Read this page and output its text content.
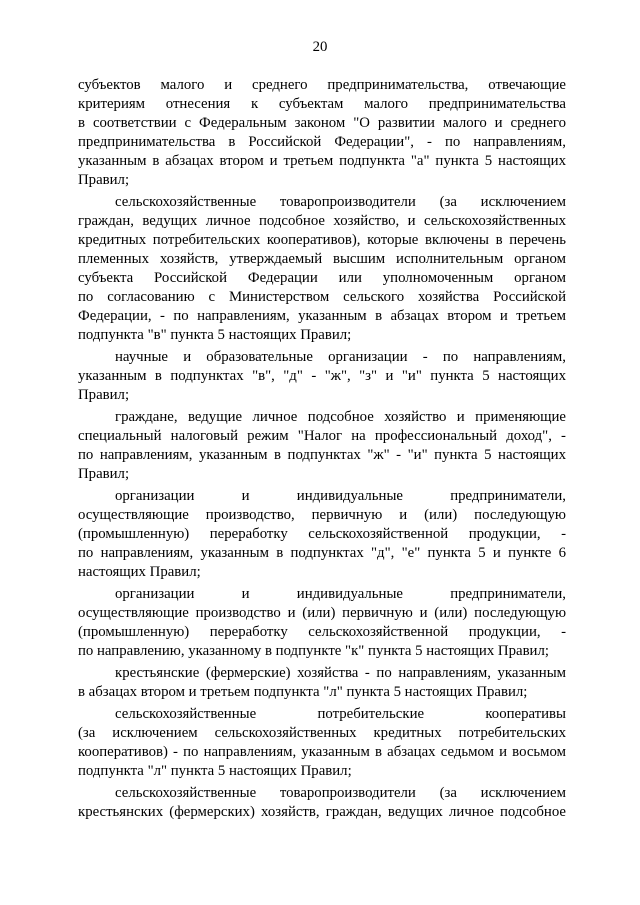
20
субъектов малого и среднего предпринимательства, отвечающие
критериям отнесения к субъектам малого предпринимательства
в соответствии с Федеральным законом "О развитии малого и среднего
предпринимательства в Российской Федерации", - по направлениям,
указанным в абзацах втором и третьем подпункта "а" пункта 5 настоящих
Правил;
сельскохозяйственные товаропроизводители (за исключением
граждан, ведущих личное подсобное хозяйство, и сельскохозяйственных
кредитных потребительских кооперативов), которые включены в перечень
племенных хозяйств, утверждаемый высшим исполнительным органом
субъекта Российской Федерации или уполномоченным органом
по согласованию с Министерством сельского хозяйства Российской
Федерации, - по направлениям, указанным в абзацах втором и третьем
подпункта "в" пункта 5 настоящих Правил;
научные и образовательные организации - по направлениям,
указанным в подпунктах "в", "д" - "ж", "з" и "и" пункта 5 настоящих
Правил;
граждане, ведущие личное подсобное хозяйство и применяющие
специальный налоговый режим "Налог на профессиональный доход", -
по направлениям, указанным в подпунктах "ж" - "и" пункта 5 настоящих
Правил;
организации и индивидуальные предприниматели,
осуществляющие производство, первичную и (или) последующую
(промышленную) переработку сельскохозяйственной продукции, -
по направлениям, указанным в подпунктах "д", "е" пункта 5 и пункте 6
настоящих Правил;
организации и индивидуальные предприниматели,
осуществляющие производство и (или) первичную и (или) последующую
(промышленную) переработку сельскохозяйственной продукции, -
по направлению, указанному в подпункте "к" пункта 5 настоящих Правил;
крестьянские (фермерские) хозяйства - по направлениям, указанным
в абзацах втором и третьем подпункта "л" пункта 5 настоящих Правил;
сельскохозяйственные потребительские кооперативы
(за исключением сельскохозяйственных кредитных потребительских
кооперативов) - по направлениям, указанным в абзацах седьмом и восьмом
подпункта "л" пункта 5 настоящих Правил;
сельскохозяйственные товаропроизводители (за исключением
крестьянских (фермерских) хозяйств, граждан, ведущих личное подсобное
